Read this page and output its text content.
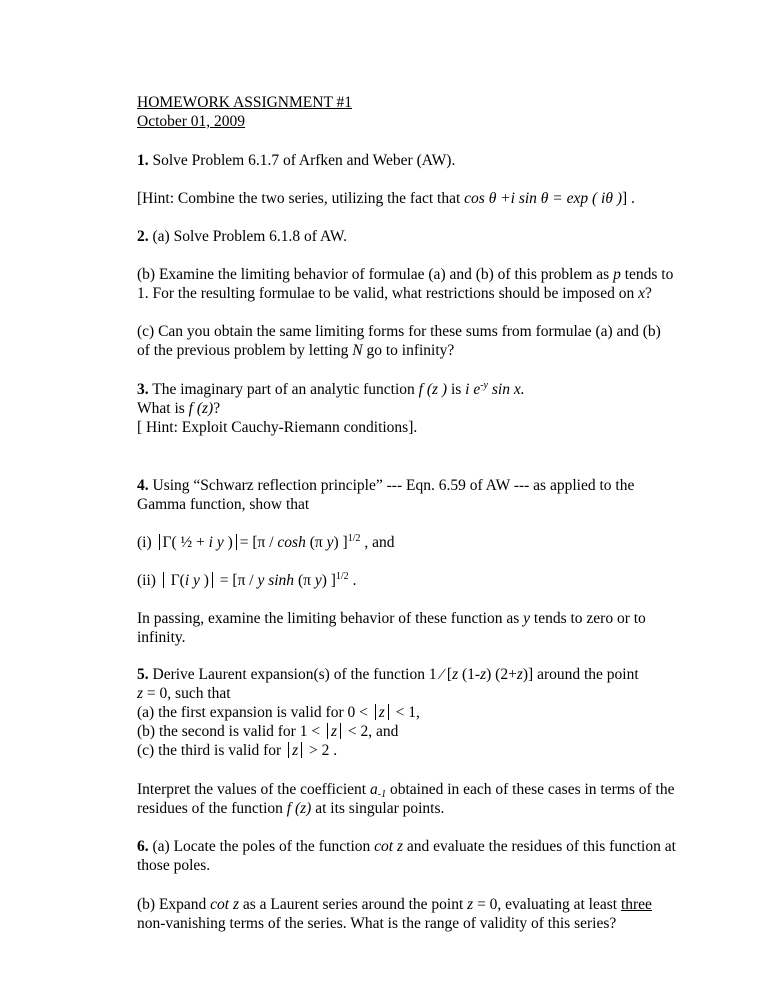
HOMEWORK ASSIGNMENT #1

October 01, 2009

1. Solve Problem 6.1.7 of Arfken and Weber (AW).

[Hint: Combine the two series, utilizing the fact that cos θ +i sin θ = exp ( iθ )] .

2. (a) Solve Problem 6.1.8 of AW.

(b) Examine the limiting behavior of formulae (a) and (b) of this problem as p tends to 1. For the resulting formulae to be valid, what restrictions should be imposed on x?

(c) Can you obtain the same limiting forms for these sums from formulae (a) and (b) of the previous problem by letting N go to infinity?

3. The imaginary part of an analytic function f (z ) is i $e^{-y}$ sin x.

What is f (z)?

[ Hint: Exploit Cauchy-Riemann conditions].

4. Using “Schwarz reflection principle” --- Eqn. 6.59 of AW --- as applied to the Gamma function, show that

(i) Γ( ½ + i y ) = [π / cosh (π y) ]$^{1/2}$ , and

(ii) Γ(i y ) = [π / y sinh (π y) ]$^{1/2}$ .

In passing, examine the limiting behavior of these function as y tends to zero or to infinity.

5. Derive Laurent expansion(s) of the function 1 ∕ [z (1-z) (2+z)] around the point

z = 0, such that

(a) the first expansion is valid for 0 < z < 1,

(b) the second is valid for 1 < z < 2, and

(c) the third is valid for z > 2 .

Interpret the values of the coefficient $a_{-1}$ obtained in each of these cases in terms of the residues of the function f (z) at its singular points.

6. (a) Locate the poles of the function cot z and evaluate the residues of this function at those poles.

(b) Expand cot z as a Laurent series around the point z = 0, evaluating at least three non-vanishing terms of the series. What is the range of validity of this series?
